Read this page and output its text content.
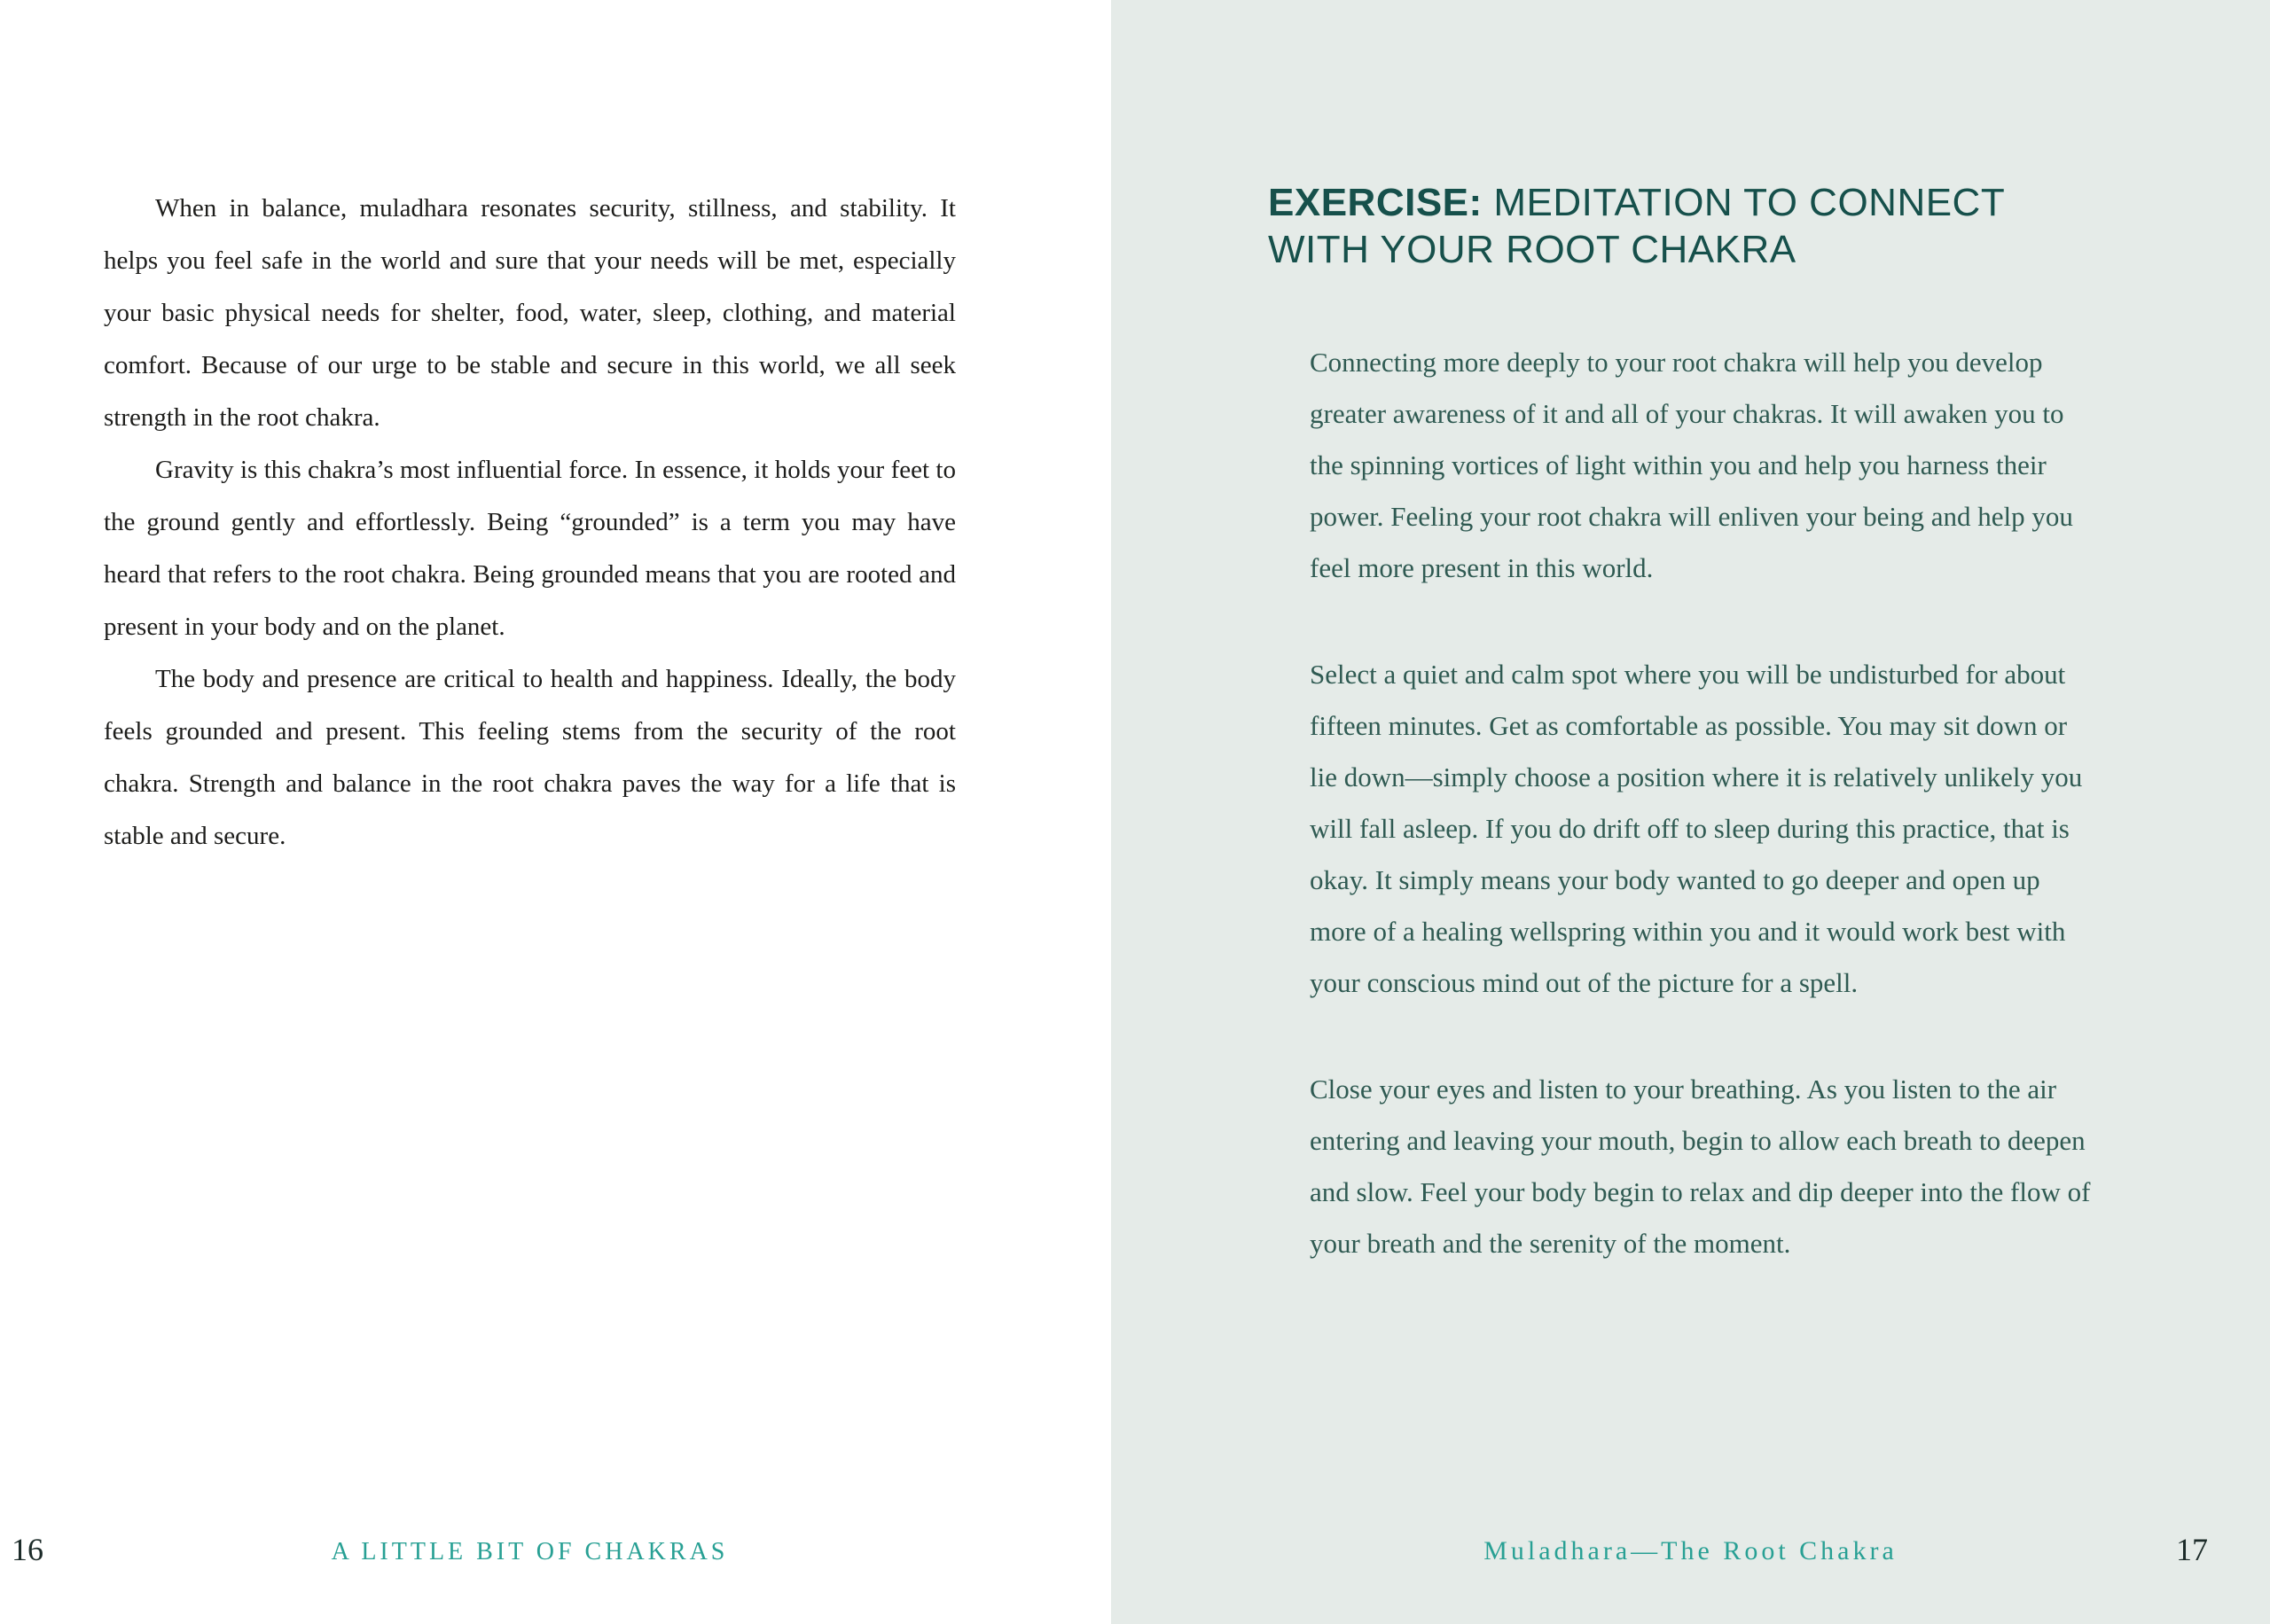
When in balance, muladhara resonates security, stillness, and stability. It helps you feel safe in the world and sure that your needs will be met, especially your basic physical needs for shelter, food, water, sleep, clothing, and material comfort. Because of our urge to be stable and secure in this world, we all seek strength in the root chakra.

Gravity is this chakra’s most influential force. In essence, it holds your feet to the ground gently and effortlessly. Being “grounded” is a term you may have heard that refers to the root chakra. Being grounded means that you are rooted and present in your body and on the planet.

The body and presence are critical to health and happiness. Ideally, the body feels grounded and present. This feeling stems from the security of the root chakra. Strength and balance in the root chakra paves the way for a life that is stable and secure.

16	A LITTLE BIT OF CHAKRAS
EXERCISE: MEDITATION TO CONNECT
WITH YOUR ROOT CHAKRA

Connecting more deeply to your root chakra will help you develop greater awareness of it and all of your chakras. It will awaken you to the spinning vortices of light within you and help you harness their power. Feeling your root chakra will enliven your being and help you feel more present in this world.

Select a quiet and calm spot where you will be undisturbed for about fifteen minutes. Get as comfortable as possible. You may sit down or lie down—simply choose a position where it is relatively unlikely you will fall asleep. If you do drift off to sleep during this practice, that is okay. It simply means your body wanted to go deeper and open up more of a healing wellspring within you and it would work best with your conscious mind out of the picture for a spell.

Close your eyes and listen to your breathing. As you listen to the air entering and leaving your mouth, begin to allow each breath to deepen and slow. Feel your body begin to relax and dip deeper into the flow of your breath and the serenity of the moment.

Muladhara—The Root Chakra	17
